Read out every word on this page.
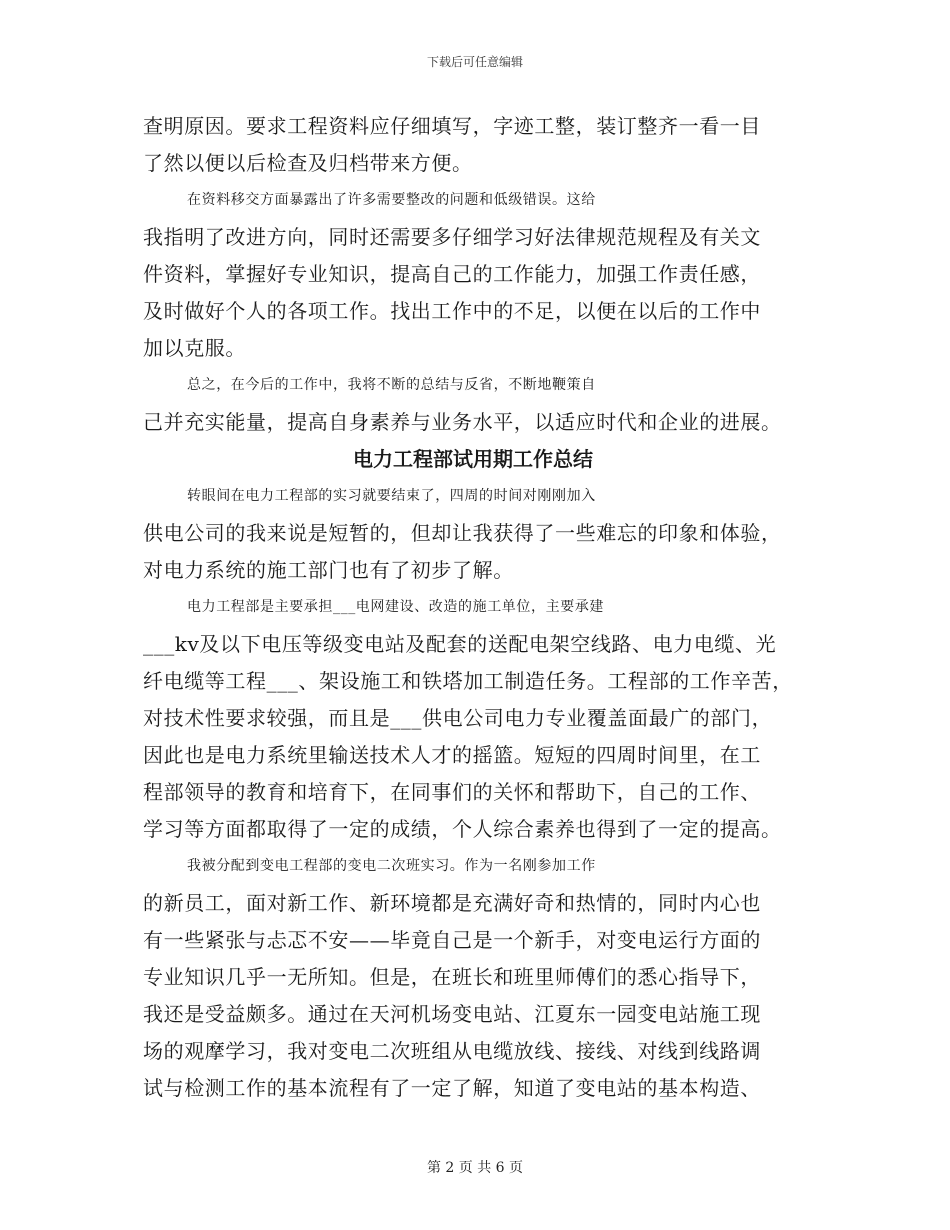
下载后可任意编辑
查明原因。要求工程资料应仔细填写，字迹工整，装订整齐一看一目
了然以便以后检查及归档带来方便。
在资料移交方面暴露出了许多需要整改的问题和低级错误。这给
我指明了改进方向，同时还需要多仔细学习好法律规范规程及有关文
件资料，掌握好专业知识，提高自己的工作能力，加强工作责任感，
及时做好个人的各项工作。找出工作中的不足，以便在以后的工作中
加以克服。
总之，在今后的工作中，我将不断的总结与反省，不断地鞭策自
己并充实能量，提高自身素养与业务水平，以适应时代和企业的进展。
电力工程部试用期工作总结
转眼间在电力工程部的实习就要结束了，四周的时间对刚刚加入
供电公司的我来说是短暂的，但却让我获得了一些难忘的印象和体验，
对电力系统的施工部门也有了初步了解。
电力工程部是主要承担___电网建设、改造的施工单位，主要承建
___kv及以下电压等级变电站及配套的送配电架空线路、电力电缆、光
纤电缆等工程___、架设施工和铁塔加工制造任务。工程部的工作辛苦，
对技术性要求较强，而且是___供电公司电力专业覆盖面最广的部门，
因此也是电力系统里输送技术人才的摇篮。短短的四周时间里，在工
程部领导的教育和培育下，在同事们的关怀和帮助下，自己的工作、
学习等方面都取得了一定的成绩，个人综合素养也得到了一定的提高。
我被分配到变电工程部的变电二次班实习。作为一名刚参加工作
的新员工，面对新工作、新环境都是充满好奇和热情的，同时内心也
有一些紧张与忐忑不安——毕竟自己是一个新手，对变电运行方面的
专业知识几乎一无所知。但是，在班长和班里师傅们的悉心指导下，
我还是受益颇多。通过在天河机场变电站、江夏东一园变电站施工现
场的观摩学习，我对变电二次班组从电缆放线、接线、对线到线路调
试与检测工作的基本流程有了一定了解，知道了变电站的基本构造、
第 2 页 共 6 页
